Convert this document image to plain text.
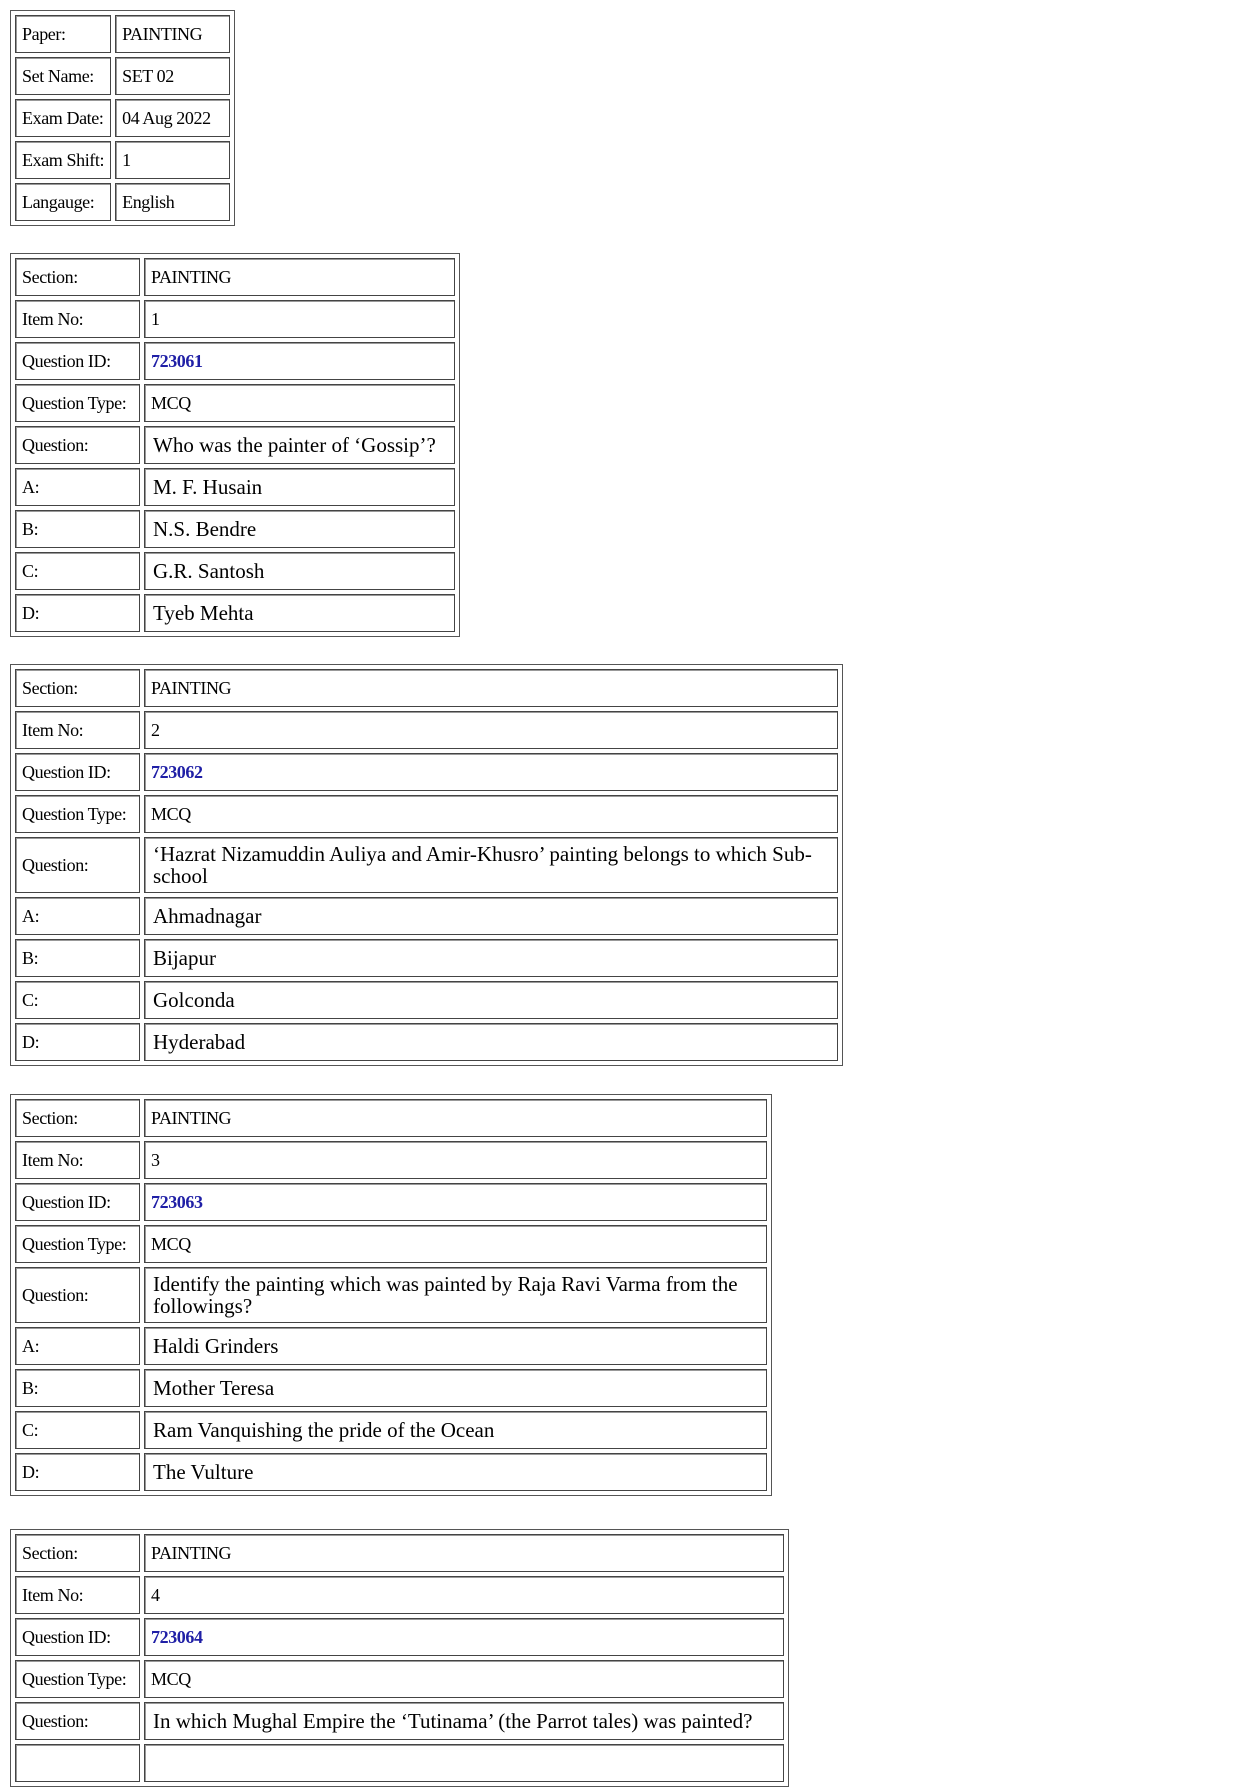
Paper:	PAINTING
Set Name:	SET 02
Exam Date:	04 Aug 2022
Exam Shift:	1
Langauge:	English
Section:	PAINTING
Item No:	1
Question ID:	723061
Question Type:	MCQ
Question:	Who was the painter of ‘Gossip’?
A:	M. F. Husain
B:	N.S. Bendre
C:	G.R. Santosh
D:	Tyeb Mehta
Section:	PAINTING
Item No:	2
Question ID:	723062
Question Type:	MCQ
Question:	‘Hazrat Nizamuddin Auliya and Amir-Khusro’ painting belongs to which Sub-school
A:	Ahmadnagar
B:	Bijapur
C:	Golconda
D:	Hyderabad
Section:	PAINTING
Item No:	3
Question ID:	723063
Question Type:	MCQ
Question:	Identify the painting which was painted by Raja Ravi Varma from the followings?
A:	Haldi Grinders
B:	Mother Teresa
C:	Ram Vanquishing the pride of the Ocean
D:	The Vulture
Section:	PAINTING
Item No:	4
Question ID:	723064
Question Type:	MCQ
Question:	In which Mughal Empire the ‘Tutinama’ (the Parrot tales) was painted?
